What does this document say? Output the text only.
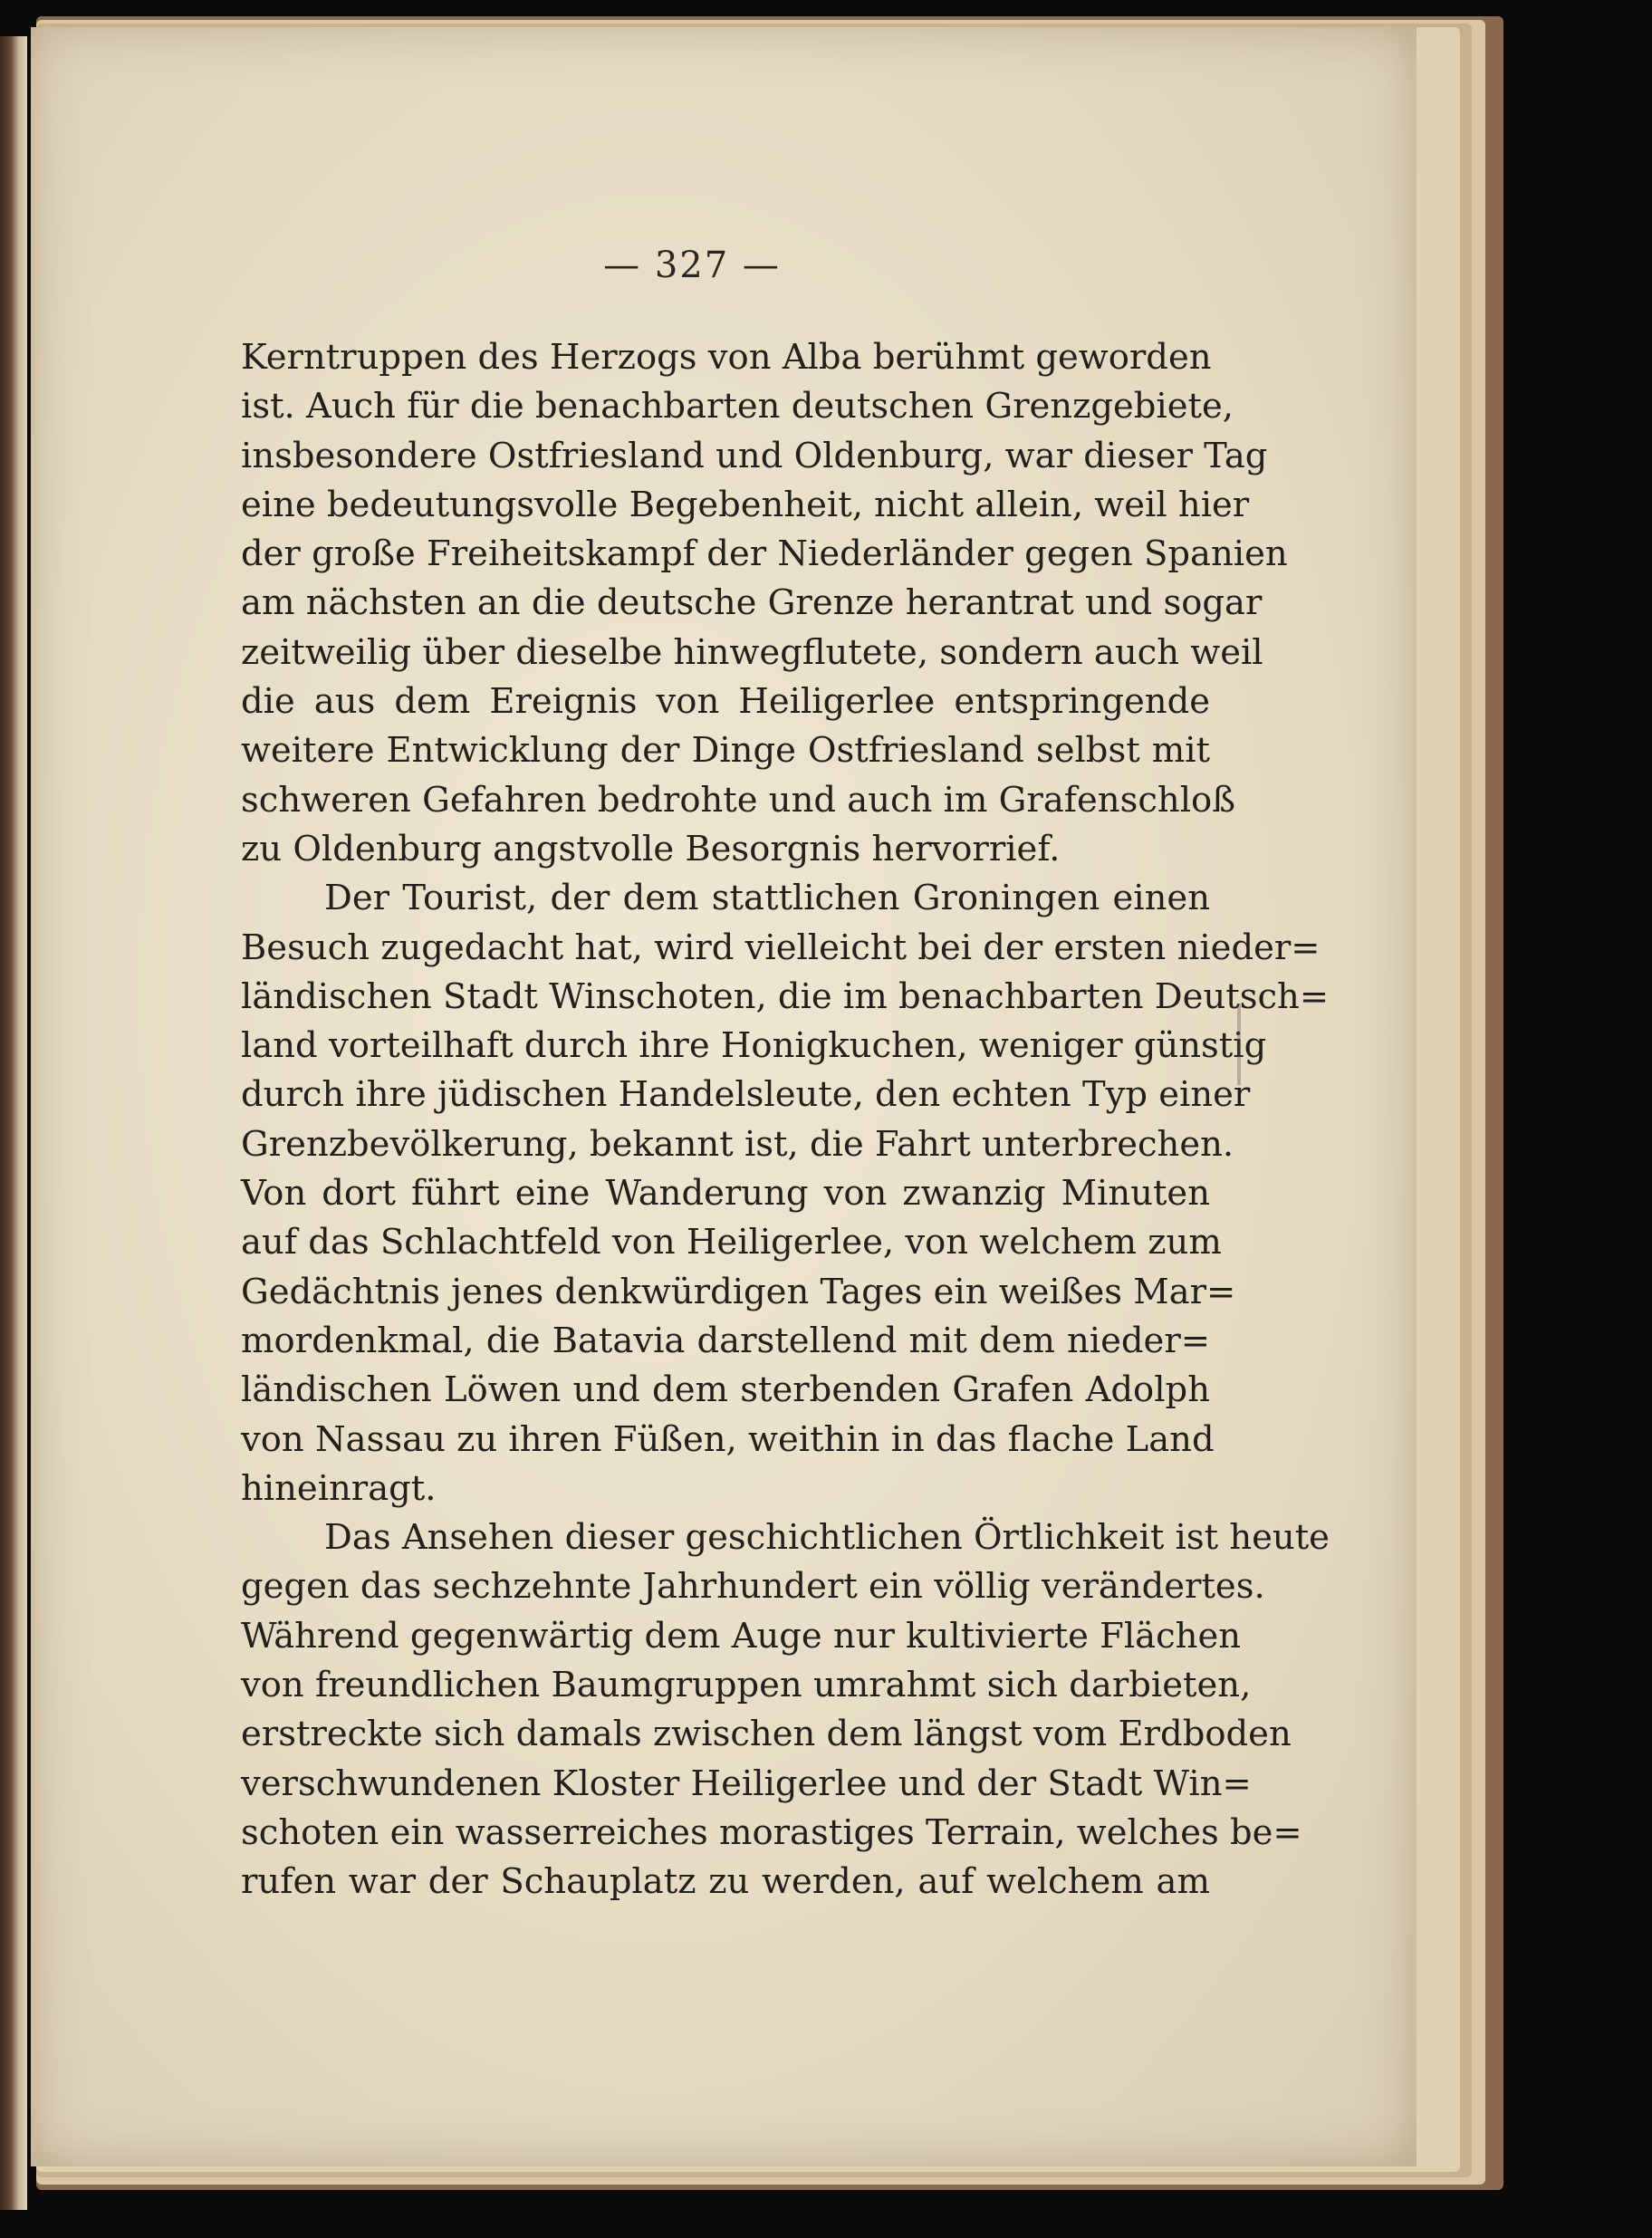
— 327 —
Kerntruppen des Herzogs von Alba berühmt geworden
ist. Auch für die benachbarten deutschen Grenzgebiete,
insbesondere Ostfriesland und Oldenburg, war dieser Tag
eine bedeutungsvolle Begebenheit, nicht allein, weil hier
der große Freiheitskampf der Niederländer gegen Spanien
am nächsten an die deutsche Grenze herantrat und sogar
zeitweilig über dieselbe hinwegflutete, sondern auch weil
die aus dem Ereignis von Heiligerlee entspringende
weitere Entwicklung der Dinge Ostfriesland selbst mit
schweren Gefahren bedrohte und auch im Grafenschloß
zu Oldenburg angstvolle Besorgnis hervorrief.
Der Tourist, der dem stattlichen Groningen einen
Besuch zugedacht hat, wird vielleicht bei der ersten nieder=
ländischen Stadt Winschoten, die im benachbarten Deutsch=
land vorteilhaft durch ihre Honigkuchen, weniger günstig
durch ihre jüdischen Handelsleute, den echten Typ einer
Grenzbevölkerung, bekannt ist, die Fahrt unterbrechen.
Von dort führt eine Wanderung von zwanzig Minuten
auf das Schlachtfeld von Heiligerlee, von welchem zum
Gedächtnis jenes denkwürdigen Tages ein weißes Mar=
mordenkmal, die Batavia darstellend mit dem nieder=
ländischen Löwen und dem sterbenden Grafen Adolph
von Nassau zu ihren Füßen, weithin in das flache Land
hineinragt.
Das Ansehen dieser geschichtlichen Örtlichkeit ist heute
gegen das sechzehnte Jahrhundert ein völlig verändertes.
Während gegenwärtig dem Auge nur kultivierte Flächen
von freundlichen Baumgruppen umrahmt sich darbieten,
erstreckte sich damals zwischen dem längst vom Erdboden
verschwundenen Kloster Heiligerlee und der Stadt Win=
schoten ein wasserreiches morastiges Terrain, welches be=
rufen war der Schauplatz zu werden, auf welchem am
